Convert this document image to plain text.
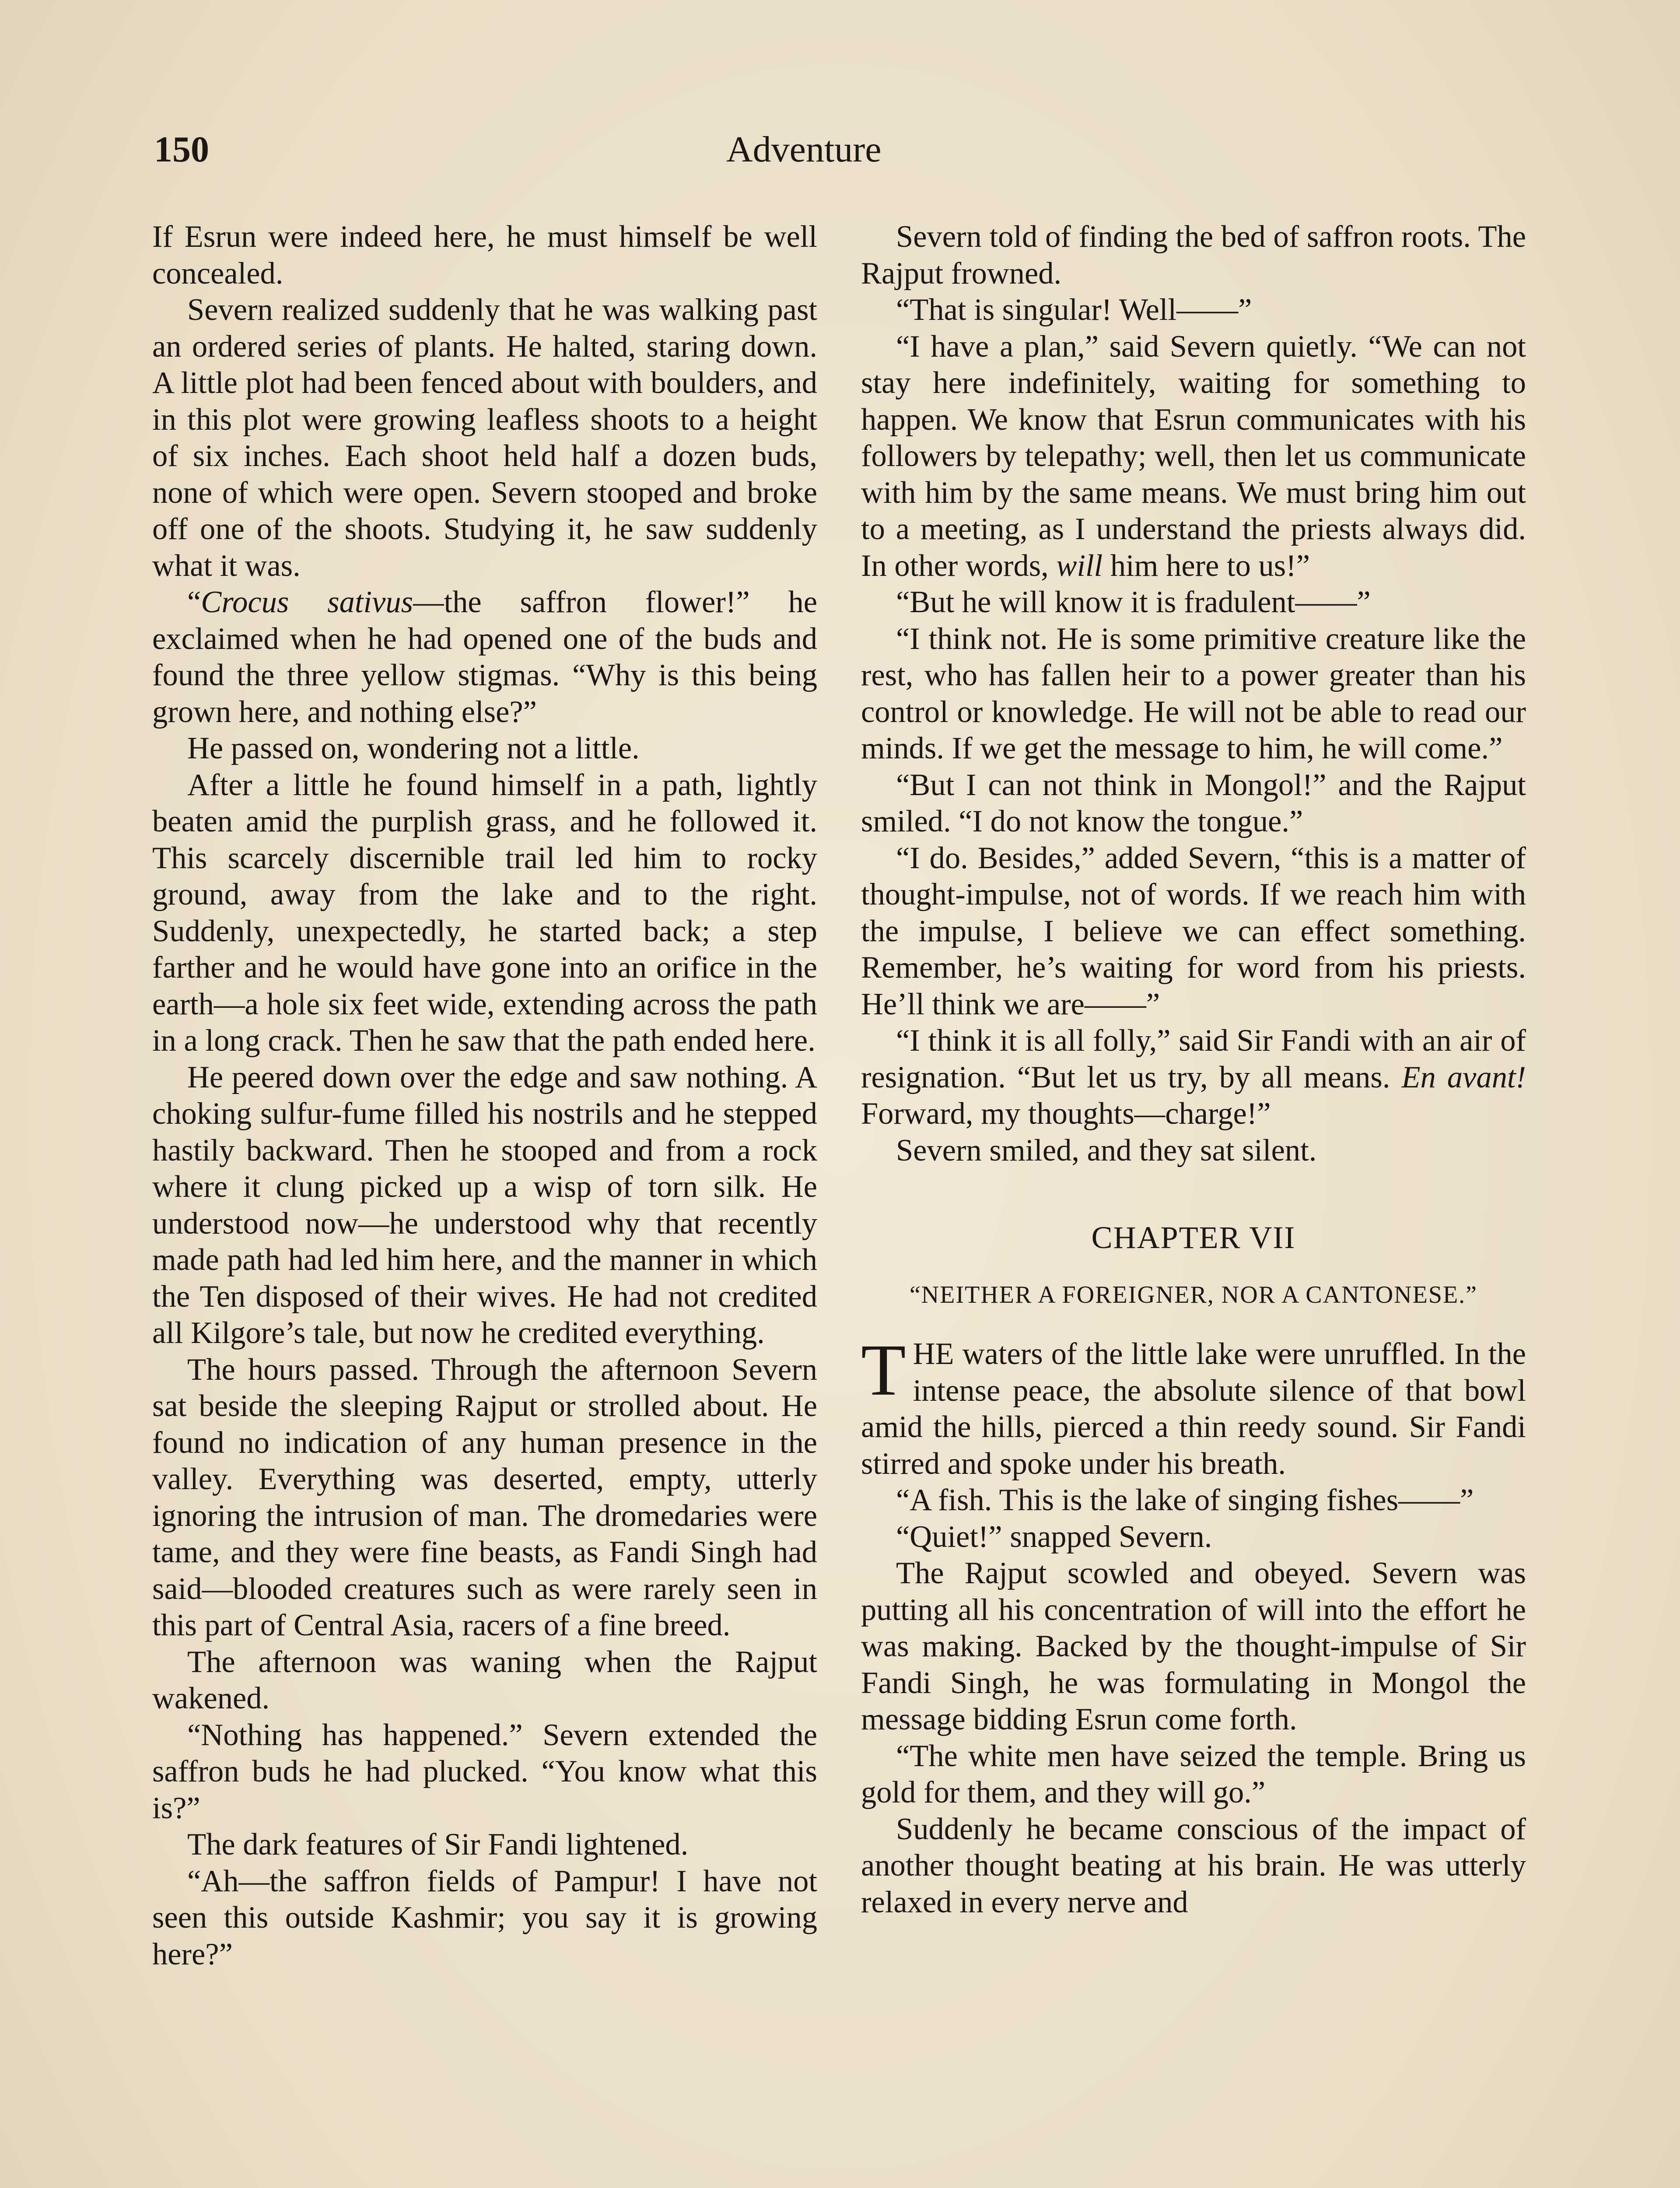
150	Adventure

If Esrun were indeed here, he must himself be well concealed.

Severn realized suddenly that he was walking past an ordered series of plants. He halted, staring down. A little plot had been fenced about with boulders, and in this plot were growing leafless shoots to a height of six inches. Each shoot held half a dozen buds, none of which were open. Severn stooped and broke off one of the shoots. Studying it, he saw suddenly what it was.

“Crocus sativus—the saffron flower!” he exclaimed when he had opened one of the buds and found the three yellow stigmas. “Why is this being grown here, and nothing else?”

He passed on, wondering not a little.

After a little he found himself in a path, lightly beaten amid the purplish grass, and he followed it. This scarcely discernible trail led him to rocky ground, away from the lake and to the right. Suddenly, unexpectedly, he started back; a step farther and he would have gone into an orifice in the earth—a hole six feet wide, extending across the path in a long crack. Then he saw that the path ended here.

He peered down over the edge and saw nothing. A choking sulfur-fume filled his nostrils and he stepped hastily backward. Then he stooped and from a rock where it clung picked up a wisp of torn silk. He understood now—he understood why that recently made path had led him here, and the manner in which the Ten disposed of their wives. He had not credited all Kilgore’s tale, but now he credited everything.

The hours passed. Through the afternoon Severn sat beside the sleeping Rajput or strolled about. He found no indication of any human presence in the valley. Everything was deserted, empty, utterly ignoring the intrusion of man. The dromedaries were tame, and they were fine beasts, as Fandi Singh had said—blooded creatures such as were rarely seen in this part of Central Asia, racers of a fine breed.

The afternoon was waning when the Rajput wakened.

“Nothing has happened.” Severn extended the saffron buds he had plucked. “You know what this is?”

The dark features of Sir Fandi lightened.

“Ah—the saffron fields of Pampur! I have not seen this outside Kashmir; you say it is growing here?”

Severn told of finding the bed of saffron roots. The Rajput frowned.

“That is singular! Well——”

“I have a plan,” said Severn quietly. “We can not stay here indefinitely, waiting for something to happen. We know that Esrun communicates with his followers by telepathy; well, then let us communicate with him by the same means. We must bring him out to a meeting, as I understand the priests always did. In other words, will him here to us!”

“But he will know it is fradulent——”

“I think not. He is some primitive creature like the rest, who has fallen heir to a power greater than his control or knowledge. He will not be able to read our minds. If we get the message to him, he will come.”

“But I can not think in Mongol!” and the Rajput smiled. “I do not know the tongue.”

“I do. Besides,” added Severn, “this is a matter of thought-impulse, not of words. If we reach him with the impulse, I believe we can effect something. Remember, he’s waiting for word from his priests. He’ll think we are——”

“I think it is all folly,” said Sir Fandi with an air of resignation. “But let us try, by all means. En avant! Forward, my thoughts—charge!”

Severn smiled, and they sat silent.

CHAPTER VII
“NEITHER A FOREIGNER, NOR A CANTONESE.”

THE waters of the little lake were unruffled. In the intense peace, the absolute silence of that bowl amid the hills, pierced a thin reedy sound. Sir Fandi stirred and spoke under his breath.

“A fish. This is the lake of singing fishes——”

“Quiet!” snapped Severn.

The Rajput scowled and obeyed. Severn was putting all his concentration of will into the effort he was making. Backed by the thought-impulse of Sir Fandi Singh, he was formulating in Mongol the message bidding Esrun come forth.

“The white men have seized the temple. Bring us gold for them, and they will go.”

Suddenly he became conscious of the impact of another thought beating at his brain. He was utterly relaxed in every nerve and
